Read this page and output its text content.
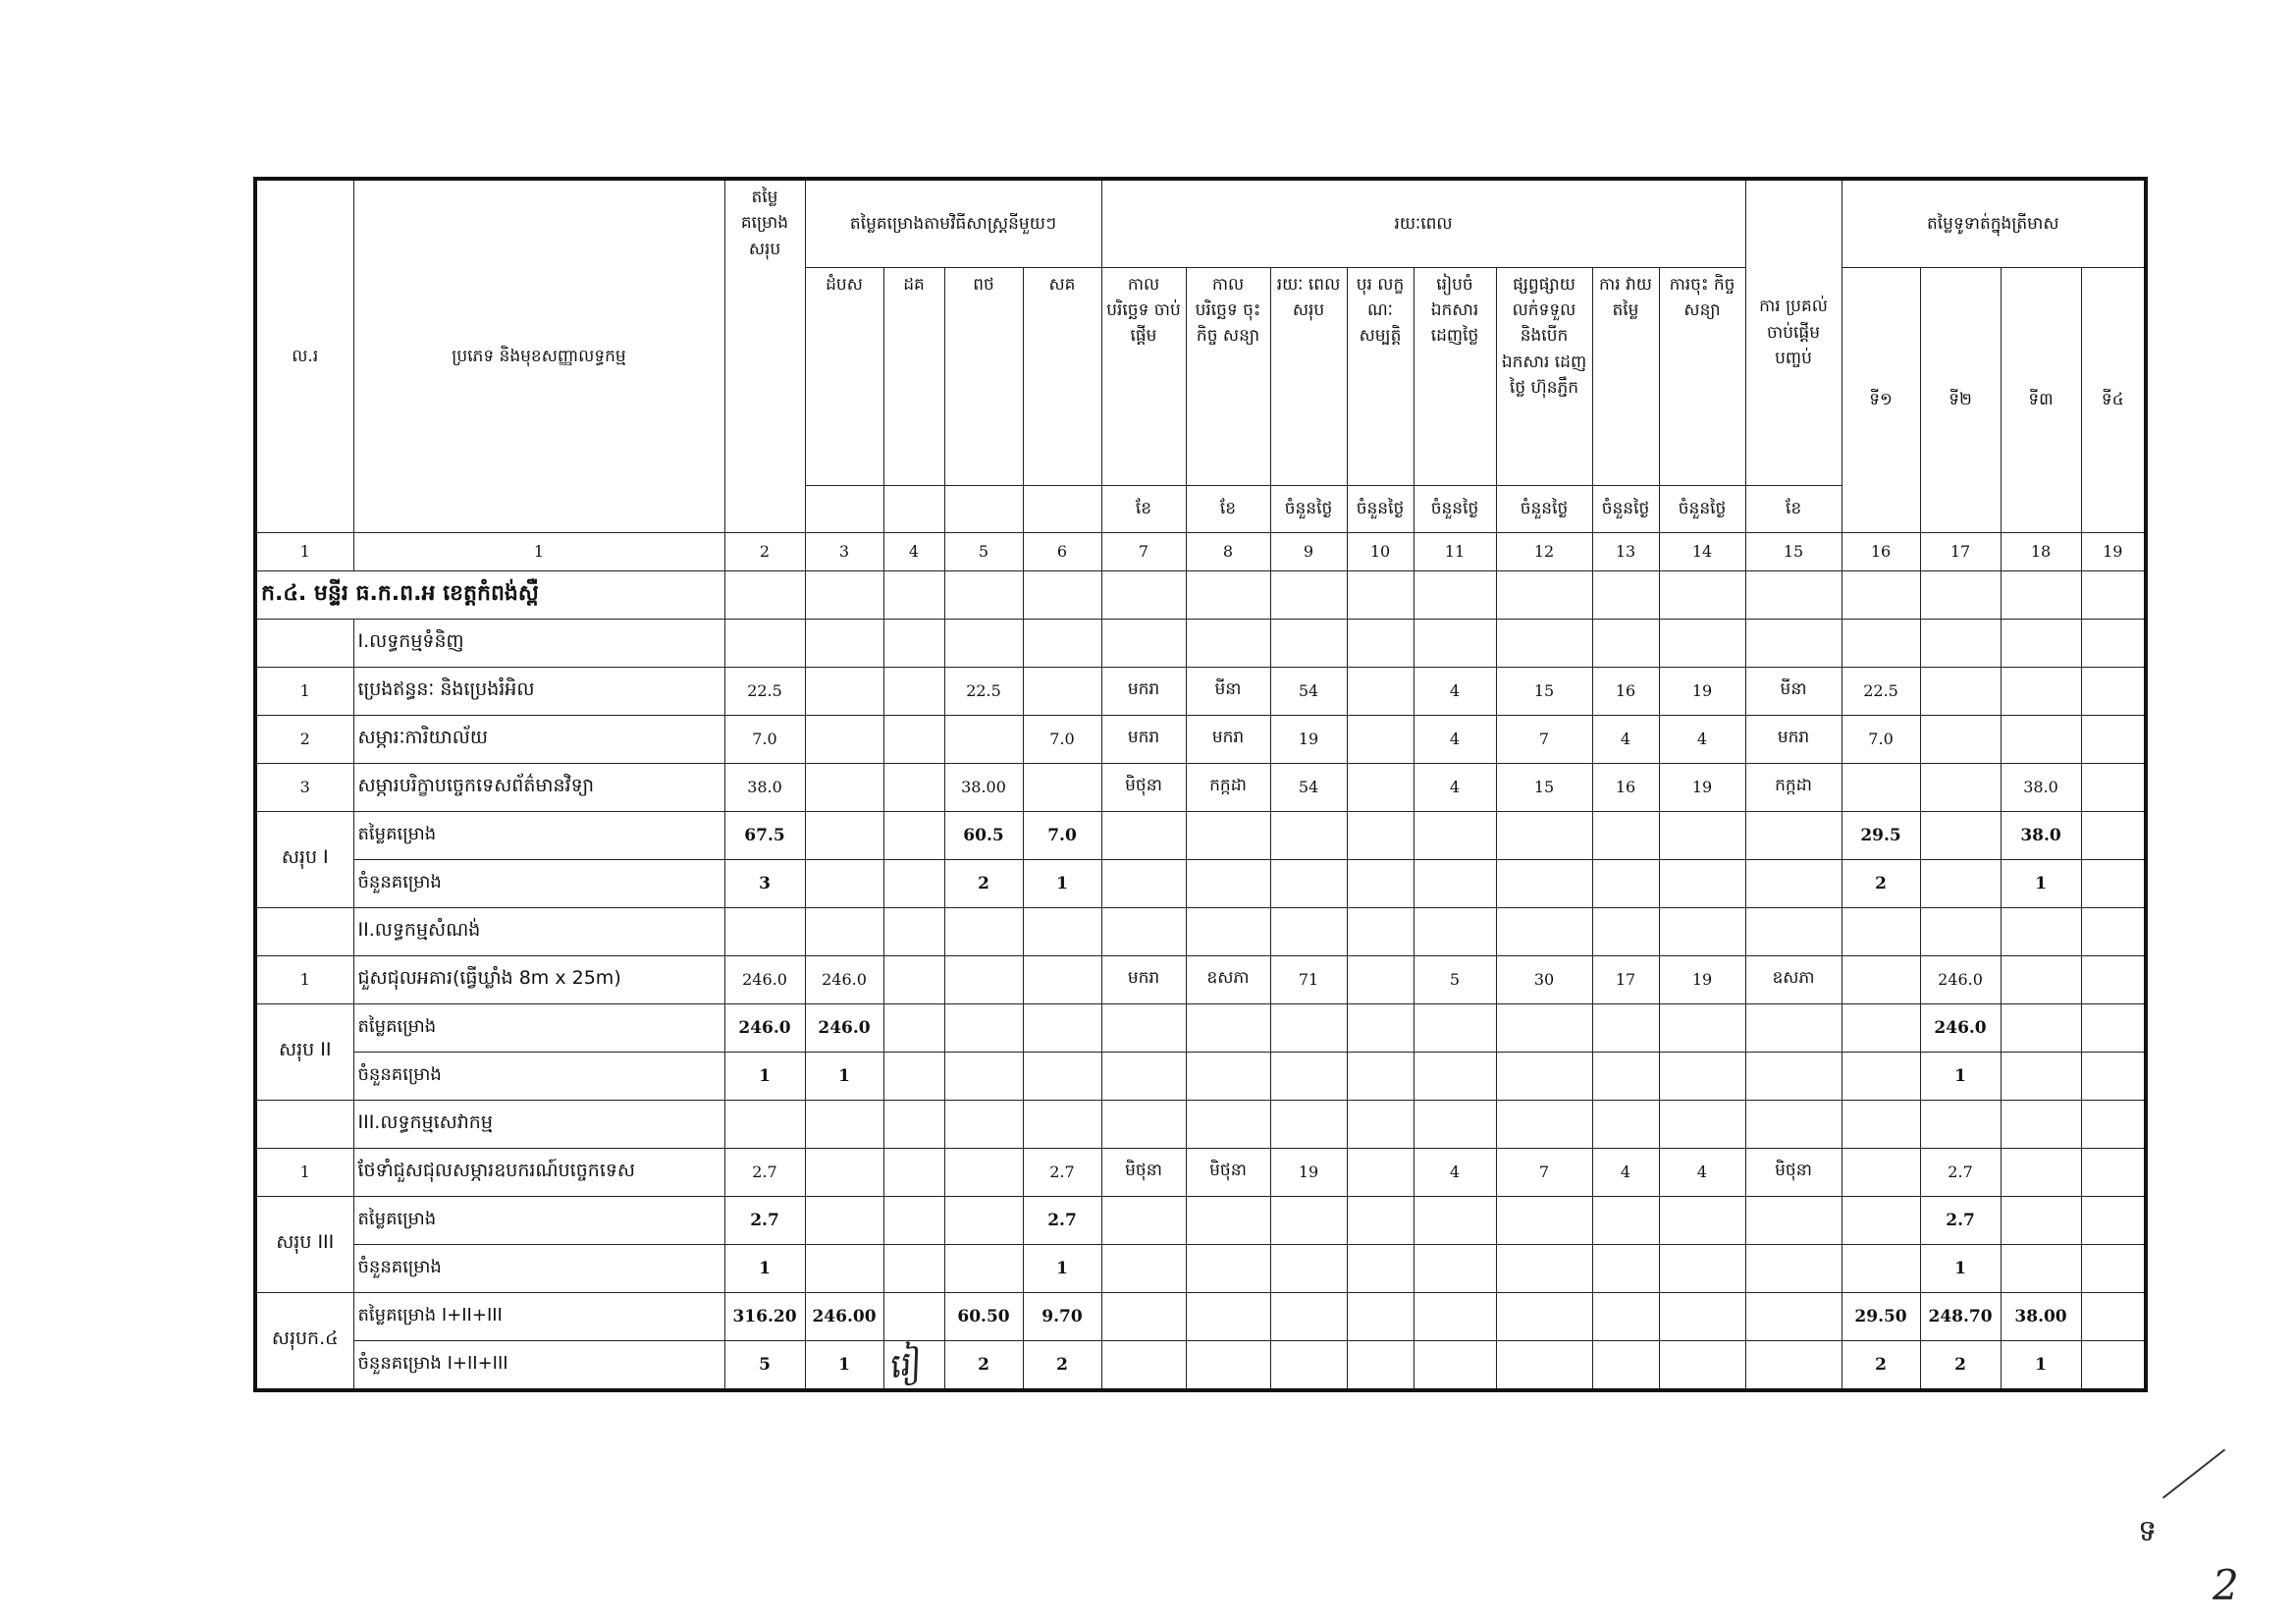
ល.រ	ប្រភេទ និងមុខសញ្ញាលទ្ធកម្ម	តម្លៃ គម្រោង សរុប	តម្លៃគម្រោងតាមវិធីសាស្ត្រនីមួយៗ				រយៈពេល								ការ ប្រគល់ ចាប់ផ្តើម បញ្ចប់	តម្លៃទូទាត់ក្នុងត្រីមាស			
			ដំបស	ដគ	ពថ	សគ	កាល បរិច្ឆេទ ចាប់ផ្តើម	កាល បរិច្ឆេទ ចុះកិច្ច សន្យា	រយៈ ពេល សរុប	បុរ លក្ខ ណៈ សម្បត្តិ	រៀបចំ ឯកសារ ដេញថ្លៃ	ផ្សព្វផ្សាយ លក់ទទួល និងបើក ឯកសារ ដេញថ្លៃ ហ៊ុនភ្ជឹក	ការ វាយ តម្លៃ	ការចុះ កិច្ចសន្យា		ទី១	ទី២	ទី៣	ទី៤
							ខែ	ខែ	ចំនួនថ្ងៃ	ចំនួនថ្ងៃ	ចំនួនថ្ងៃ	ចំនួនថ្ងៃ	ចំនួនថ្ងៃ	ចំនួនថ្ងៃ	ខែ				
1	1	2	3	4	5	6	7	8	9	10	11	12	13	14	15	16	17	18	19
ក.៤. មន្ទីរ ធ.ក.ព.អ ខេត្តកំពង់ស្ពឺ																			
	I.លទ្ធកម្មទំនិញ																		
1	ប្រេងឥន្ធនៈ និងប្រេងរំអិល	22.5			22.5		មករា	មីនា	54		4	15	16	19	មីនា	22.5			
2	សម្ភារៈការិយាល័យ	7.0				7.0	មករា	មករា	19		4	7	4	4	មករា	7.0			
3	សម្ភារបរិក្ខាបច្ចេកទេសព័ត៌មានវិទ្យា	38.0			38.00		មិថុនា	កក្កដា	54		4	15	16	19	កក្កដា			38.0	
សរុប I	តម្លៃគម្រោង	67.5			60.5	7.0										29.5		38.0	
	ចំនួនគម្រោង	3			2	1										2		1	
	II.លទ្ធកម្មសំណង់																		
1	ជួសជុលអគារ(ធ្វើឃ្លាំង 8m x 25m)	246.0	246.0				មករា	ឧសភា	71		5	30	17	19	ឧសភា		246.0		
សរុប II	តម្លៃគម្រោង	246.0	246.0														246.0		
	ចំនួនគម្រោង	1	1														1		
	III.លទ្ធកម្មសេវាកម្ម																		
1	ថែទាំជួសជុលសម្ភារឧបករណ៍បច្ចេកទេស	2.7				2.7	មិថុនា	មិថុនា	19		4	7	4	4	មិថុនា		2.7		
សរុប III	តម្លៃគម្រោង	2.7				2.7											2.7		
	ចំនួនគម្រោង	1				1											1		
សរុបក.៤	តម្លៃគម្រោង I+II+III	316.20	246.00		60.50	9.70										29.50	248.70	38.00	
	ចំនួនគម្រោង I+II+III	5	1		2	2										2	2	1	
រៀ
ទ
2
